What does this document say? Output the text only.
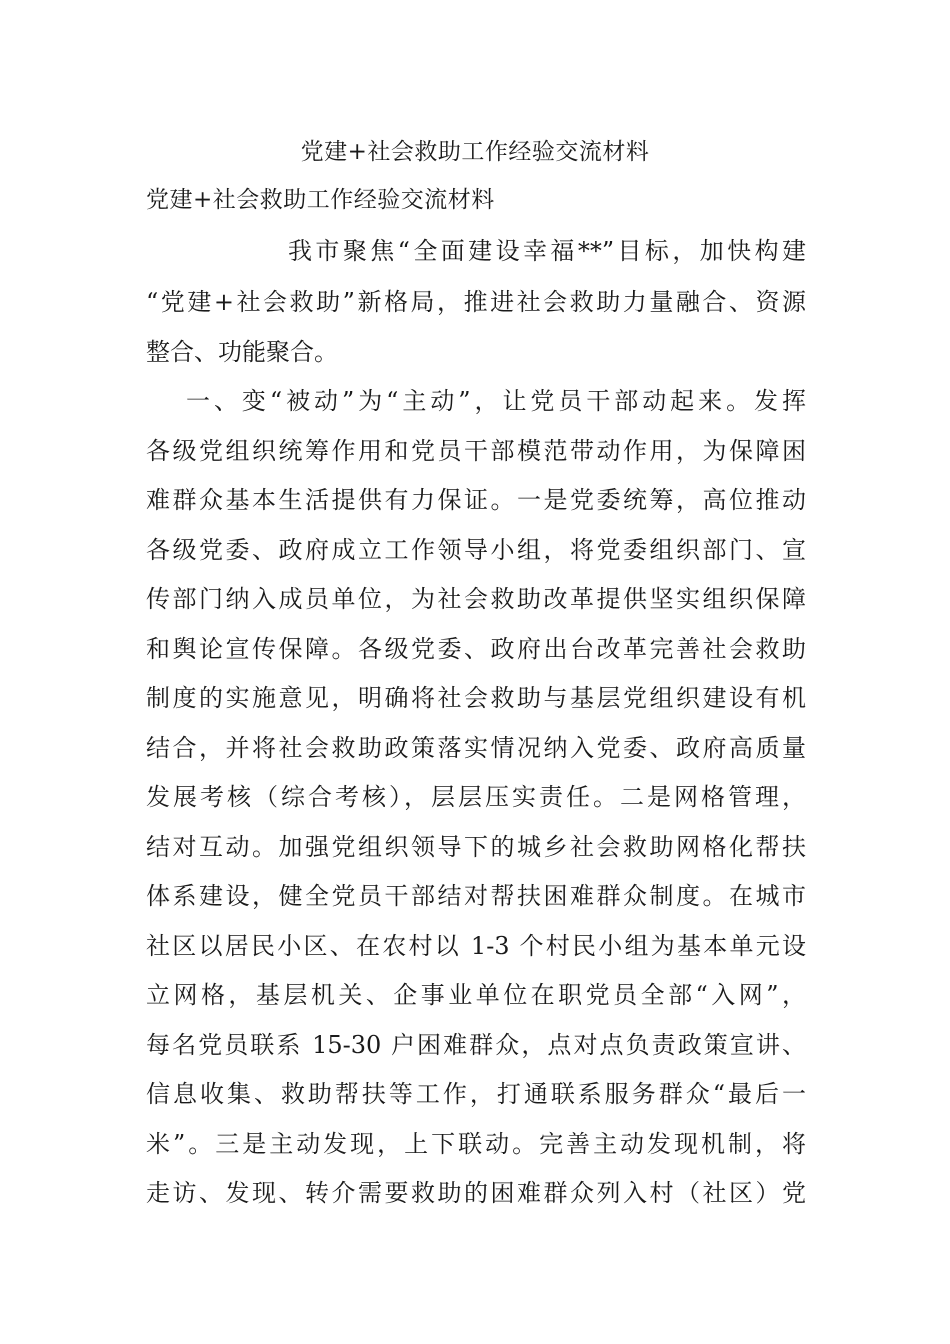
党建+社会救助工作经验交流材料
党建+社会救助工作经验交流材料

我市聚焦“全面建设幸福**”目标，加快构建

“党建+社会救助”新格局，推进社会救助力量融合、资源

整合、功能聚合。

一、变“被动”为“主动”，让党员干部动起来。发挥

各级党组织统筹作用和党员干部模范带动作用，为保障困

难群众基本生活提供有力保证。一是党委统筹，高位推动

各级党委、政府成立工作领导小组，将党委组织部门、宣

传部门纳入成员单位，为社会救助改革提供坚实组织保障

和舆论宣传保障。各级党委、政府出台改革完善社会救助

制度的实施意见，明确将社会救助与基层党组织建设有机

结合，并将社会救助政策落实情况纳入党委、政府高质量

发展考核（综合考核），层层压实责任。二是网格管理，

结对互动。加强党组织领导下的城乡社会救助网格化帮扶

体系建设，健全党员干部结对帮扶困难群众制度。在城市

社区以居民小区、在农村以 1-3 个村民小组为基本单元设

立网格，基层机关、企事业单位在职党员全部“入网”，

每名党员联系 15-30 户困难群众，点对点负责政策宣讲、

信息收集、救助帮扶等工作，打通联系服务群众“最后一

米”。三是主动发现，上下联动。完善主动发现机制，将

走访、发现、转介需要救助的困难群众列入村（社区）党
